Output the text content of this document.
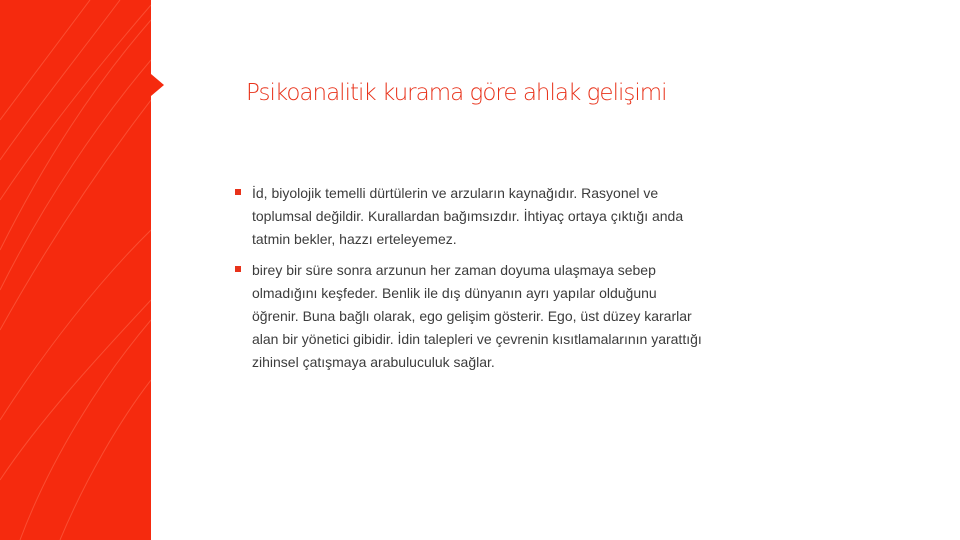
Psikoanalitik kurama göre ahlak gelişimi

İd, biyolojik temelli dürtülerin ve arzuların kaynağıdır. Rasyonel ve toplumsal değildir. Kurallardan bağımsızdır. İhtiyaç ortaya çıktığı anda tatmin bekler, hazzı erteleyemez.

birey bir süre sonra arzunun her zaman doyuma ulaşmaya sebep olmadığını keşfeder. Benlik ile dış dünyanın ayrı yapılar olduğunu öğrenir. Buna bağlı olarak, ego gelişim gösterir. Ego, üst düzey kararlar alan bir yönetici gibidir. İdin talepleri ve çevrenin kısıtlamalarının yarattığı zihinsel çatışmaya arabuluculuk sağlar.
